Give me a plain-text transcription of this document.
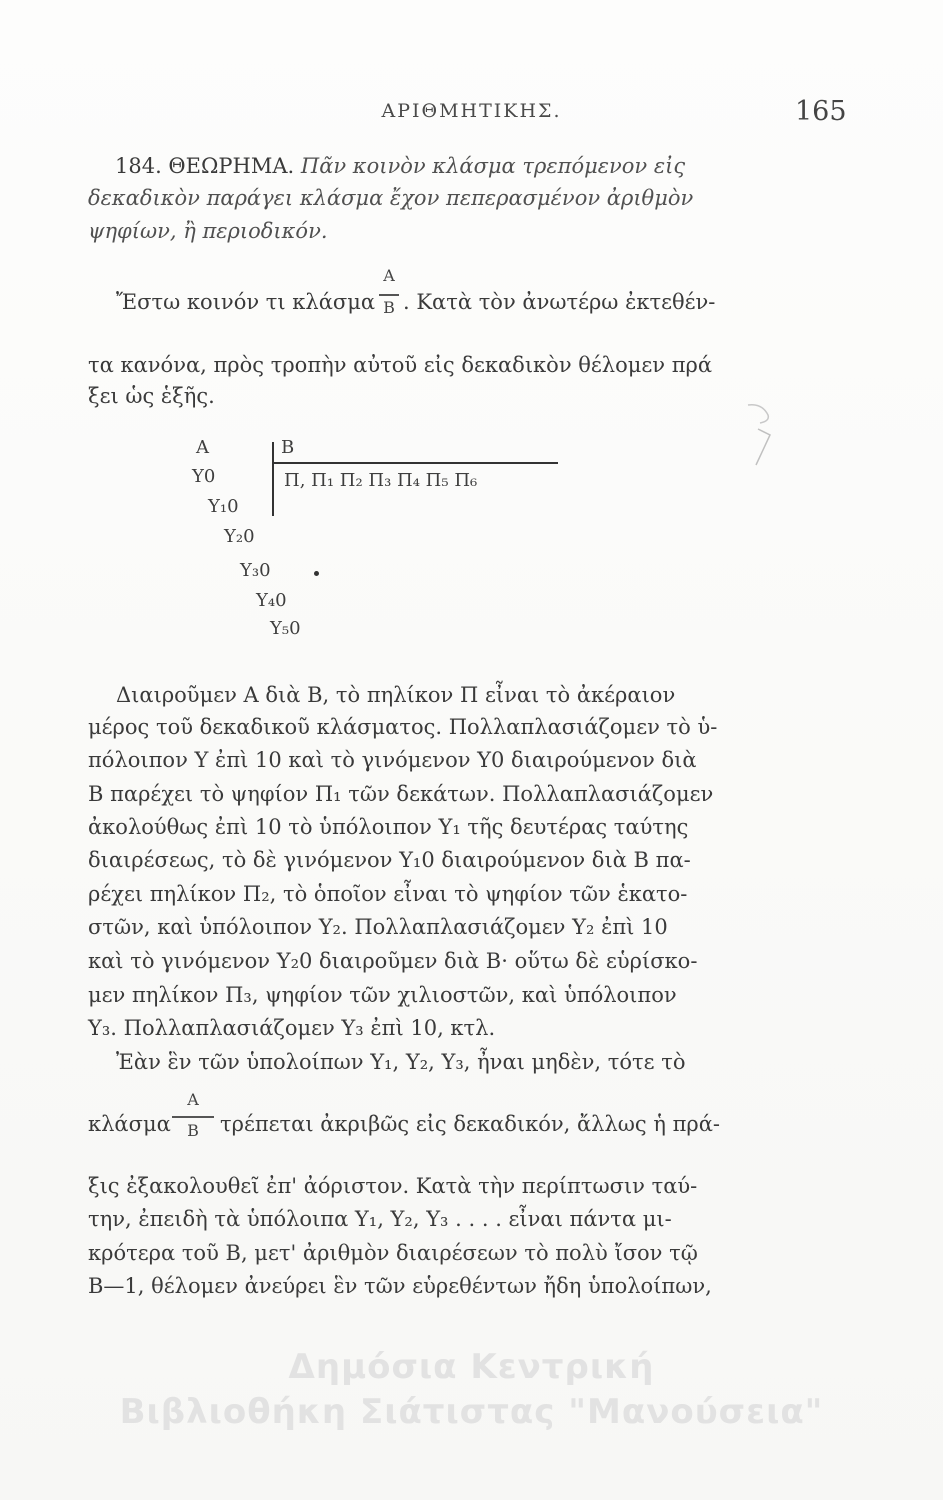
ΑΡΙΘΜΗΤΙΚΗΣ.	165
184. ΘΕΩΡΗΜΑ. Πᾶν κοινὸν κλάσμα τρεπόμενον εἰς
δεκαδικὸν παράγει κλάσμα ἔχον πεπερασμένον ἀριθμὸν
ψηφίων, ἢ περιοδικόν.
Ἔστω κοινόν τι κλάσμα
A
B . Κατὰ τὸν ἀνωτέρω ἐκτεθέν-
τα κανόνα, πρὸς τροπὴν αὐτοῦ εἰς δεκαδικὸν θέλομεν πρά
ξει ὡς ἑξῆς.
A	B
Π, Π₁ Π₂ Π₃ Π₄ Π₅ Π₆
Υ0
Υ₁0
Υ₂0
Υ₃0
Υ₄0
Υ₅0
Διαιροῦμεν Α διὰ Β, τὸ πηλίκον Π εἶναι τὸ ἀκέραιον
μέρος τοῦ δεκαδικοῦ κλάσματος. Πολλαπλασιάζομεν τὸ ὑ-
πόλοιπον Υ ἐπὶ 10 καὶ τὸ γινόμενον Υ0 διαιρούμενον διὰ
Β παρέχει τὸ ψηφίον Π₁ τῶν δεκάτων. Πολλαπλασιάζομεν
ἀκολούθως ἐπὶ 10 τὸ ὑπόλοιπον Υ₁ τῆς δευτέρας ταύτης
διαιρέσεως, τὸ δὲ γινόμενον Υ₁0 διαιρούμενον διὰ Β πα-
ρέχει πηλίκον Π₂, τὸ ὁποῖον εἶναι τὸ ψηφίον τῶν ἑκατο-
στῶν, καὶ ὑπόλοιπον Υ₂. Πολλαπλασιάζομεν Υ₂ ἐπὶ 10
καὶ τὸ γινόμενον Υ₂0 διαιροῦμεν διὰ Β· οὕτω δὲ εὑρίσκο-
μεν πηλίκον Π₃, ψηφίον τῶν χιλιοστῶν, καὶ ὑπόλοιπον
Υ₃. Πολλαπλασιάζομεν Υ₃ ἐπὶ 10, κτλ.
Ἐὰν ἓν τῶν ὑπολοίπων Υ₁, Υ₂, Υ₃, ἦναι μηδὲν, τότε τὸ
κλάσμα
A
B	τρέπεται ἀκριβῶς εἰς δεκαδικόν, ἄλλως ἡ πρά-
ξις ἐξακολουθεῖ ἐπ' ἀόριστον. Κατὰ τὴν περίπτωσιν ταύ-
την, ἐπειδὴ τὰ ὑπόλοιπα Υ₁, Υ₂, Υ₃ . . . . εἶναι πάντα μι-
κρότερα τοῦ Β, μετ' ἀριθμὸν διαιρέσεων τὸ πολὺ ἴσον τῷ
Β—1, θέλομεν ἀνεύρει ἓν τῶν εὑρεθέντων ἤδη ὑπολοίπων,
Δημόσια Κεντρική
Βιβλιοθήκη Σιάτιστας "Μανούσεια"
